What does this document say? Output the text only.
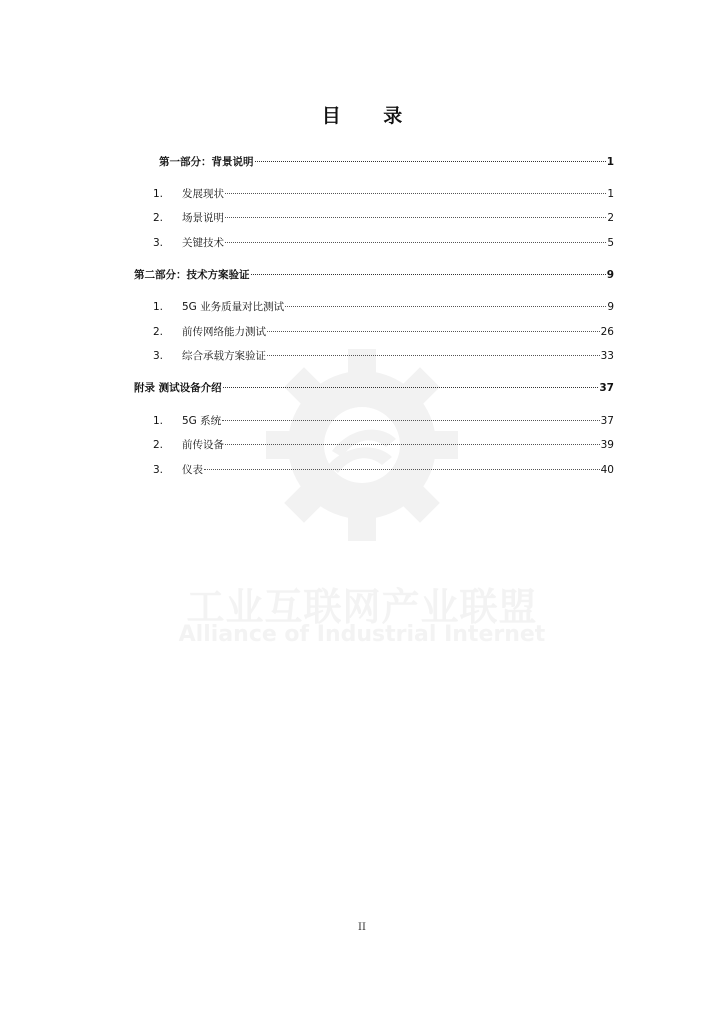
工业互联网产业联盟
Alliance of Industrial Internet
目 录
第一部分：背景说明	1
1.	发展现状	1
2.	场景说明	2
3.	关键技术	5
第二部分：技术方案验证	9
1.	5G 业务质量对比测试	9
2.	前传网络能力测试	26
3.	综合承载方案验证	33
附录 测试设备介绍	37
1.	5G 系统	37
2.	前传设备	39
3.	仪表	40
II
